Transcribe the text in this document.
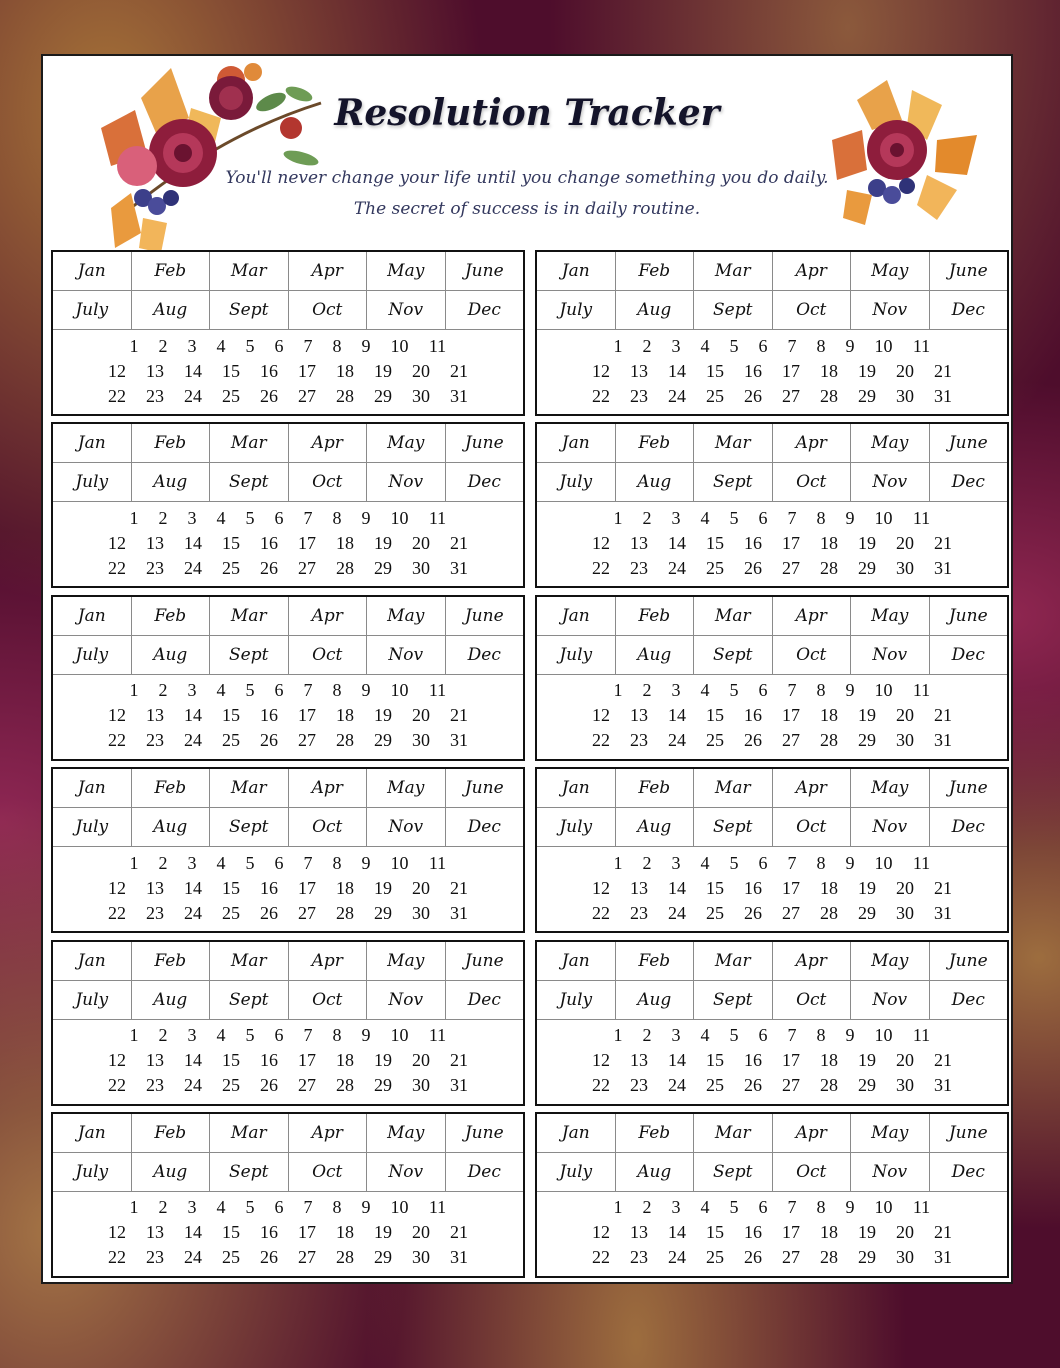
Resolution Tracker

You'll never change your life until you change something you do daily.

The secret of success is in daily routine.

Jan	Feb	Mar	Apr	May	June
July	Aug	Sept	Oct	Nov	Dec
1	2	3	4	5	6	7	8	9	10	11
12	13	14	15	16	17	18	19	20	21
22	23	24	25	26	27	28	29	30	31
Jan	Feb	Mar	Apr	May	June
July	Aug	Sept	Oct	Nov	Dec
1	2	3	4	5	6	7	8	9	10	11
12	13	14	15	16	17	18	19	20	21
22	23	24	25	26	27	28	29	30	31
Jan	Feb	Mar	Apr	May	June
July	Aug	Sept	Oct	Nov	Dec
1	2	3	4	5	6	7	8	9	10	11
12	13	14	15	16	17	18	19	20	21
22	23	24	25	26	27	28	29	30	31
Jan	Feb	Mar	Apr	May	June
July	Aug	Sept	Oct	Nov	Dec
1	2	3	4	5	6	7	8	9	10	11
12	13	14	15	16	17	18	19	20	21
22	23	24	25	26	27	28	29	30	31
Jan	Feb	Mar	Apr	May	June
July	Aug	Sept	Oct	Nov	Dec
1	2	3	4	5	6	7	8	9	10	11
12	13	14	15	16	17	18	19	20	21
22	23	24	25	26	27	28	29	30	31
Jan	Feb	Mar	Apr	May	June
July	Aug	Sept	Oct	Nov	Dec
1	2	3	4	5	6	7	8	9	10	11
12	13	14	15	16	17	18	19	20	21
22	23	24	25	26	27	28	29	30	31
Jan	Feb	Mar	Apr	May	June
July	Aug	Sept	Oct	Nov	Dec
1	2	3	4	5	6	7	8	9	10	11
12	13	14	15	16	17	18	19	20	21
22	23	24	25	26	27	28	29	30	31
Jan	Feb	Mar	Apr	May	June
July	Aug	Sept	Oct	Nov	Dec
1	2	3	4	5	6	7	8	9	10	11
12	13	14	15	16	17	18	19	20	21
22	23	24	25	26	27	28	29	30	31
Jan	Feb	Mar	Apr	May	June
July	Aug	Sept	Oct	Nov	Dec
1	2	3	4	5	6	7	8	9	10	11
12	13	14	15	16	17	18	19	20	21
22	23	24	25	26	27	28	29	30	31
Jan	Feb	Mar	Apr	May	June
July	Aug	Sept	Oct	Nov	Dec
1	2	3	4	5	6	7	8	9	10	11
12	13	14	15	16	17	18	19	20	21
22	23	24	25	26	27	28	29	30	31
Jan	Feb	Mar	Apr	May	June
July	Aug	Sept	Oct	Nov	Dec
1	2	3	4	5	6	7	8	9	10	11
12	13	14	15	16	17	18	19	20	21
22	23	24	25	26	27	28	29	30	31
Jan	Feb	Mar	Apr	May	June
July	Aug	Sept	Oct	Nov	Dec
1	2	3	4	5	6	7	8	9	10	11
12	13	14	15	16	17	18	19	20	21
22	23	24	25	26	27	28	29	30	31
